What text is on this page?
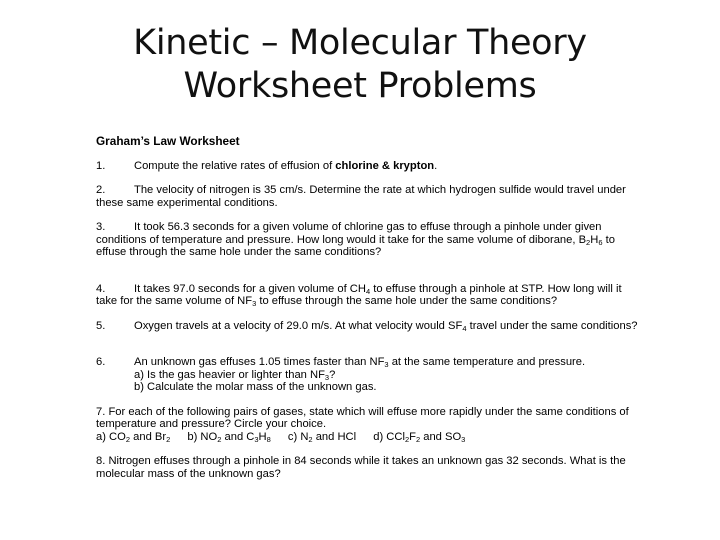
Kinetic – Molecular Theory
Worksheet Problems
Graham’s Law Worksheet
1.	Compute the relative rates of effusion of chlorine & krypton.
2.	The velocity of nitrogen is 35 cm/s. Determine the rate at which hydrogen sulfide would travel under these same experimental conditions.
3.	It took 56.3 seconds for a given volume of chlorine gas to effuse through a pinhole under given conditions of temperature and pressure. How long would it take for the same volume of diborane, $B_2H_6$ to effuse through the same hole under the same conditions?
4.	It takes 97.0 seconds for a given volume of $CH_4$ to effuse through a pinhole at STP. How long will it take for the same volume of $NF_3$ to effuse through the same hole under the same conditions?
5.	Oxygen travels at a velocity of 29.0 m/s. At what velocity would $SF_4$ travel under the same conditions?
6.	An unknown gas effuses 1.05 times faster than $NF_3$ at the same temperature and pressure.
a) Is the gas heavier or lighter than $NF_3$?
b) Calculate the molar mass of the unknown gas.
7. For each of the following pairs of gases, state which will effuse more rapidly under the same conditions of temperature and pressure? Circle your choice.
a) $CO_2$ and $Br_2$ b) $NO_2$ and $C_3H_8$ c) $N_2$ and HCl d) $CCl_2F_2$ and $SO_3$
8. Nitrogen effuses through a pinhole in 84 seconds while it takes an unknown gas 32 seconds. What is the molecular mass of the unknown gas?
